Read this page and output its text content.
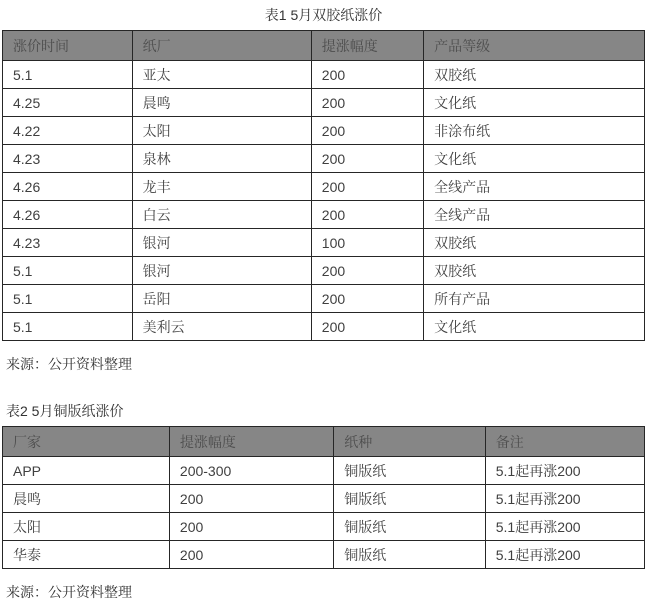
表1 5月双胶纸涨价
涨价时间	纸厂	提涨幅度	产品等级
5.1	亚太	200	双胶纸
4.25	晨鸣	200	文化纸
4.22	太阳	200	非涂布纸
4.23	泉林	200	文化纸
4.26	龙丰	200	全线产品
4.26	白云	200	全线产品
4.23	银河	100	双胶纸
5.1	银河	200	双胶纸
5.1	岳阳	200	所有产品
5.1	美利云	200	文化纸
来源：公开资料整理
表2 5月铜版纸涨价
厂家	提涨幅度	纸种	备注
APP	200-300	铜版纸	5.1起再涨200
晨鸣	200	铜版纸	5.1起再涨200
太阳	200	铜版纸	5.1起再涨200
华泰	200	铜版纸	5.1起再涨200
来源：公开资料整理
